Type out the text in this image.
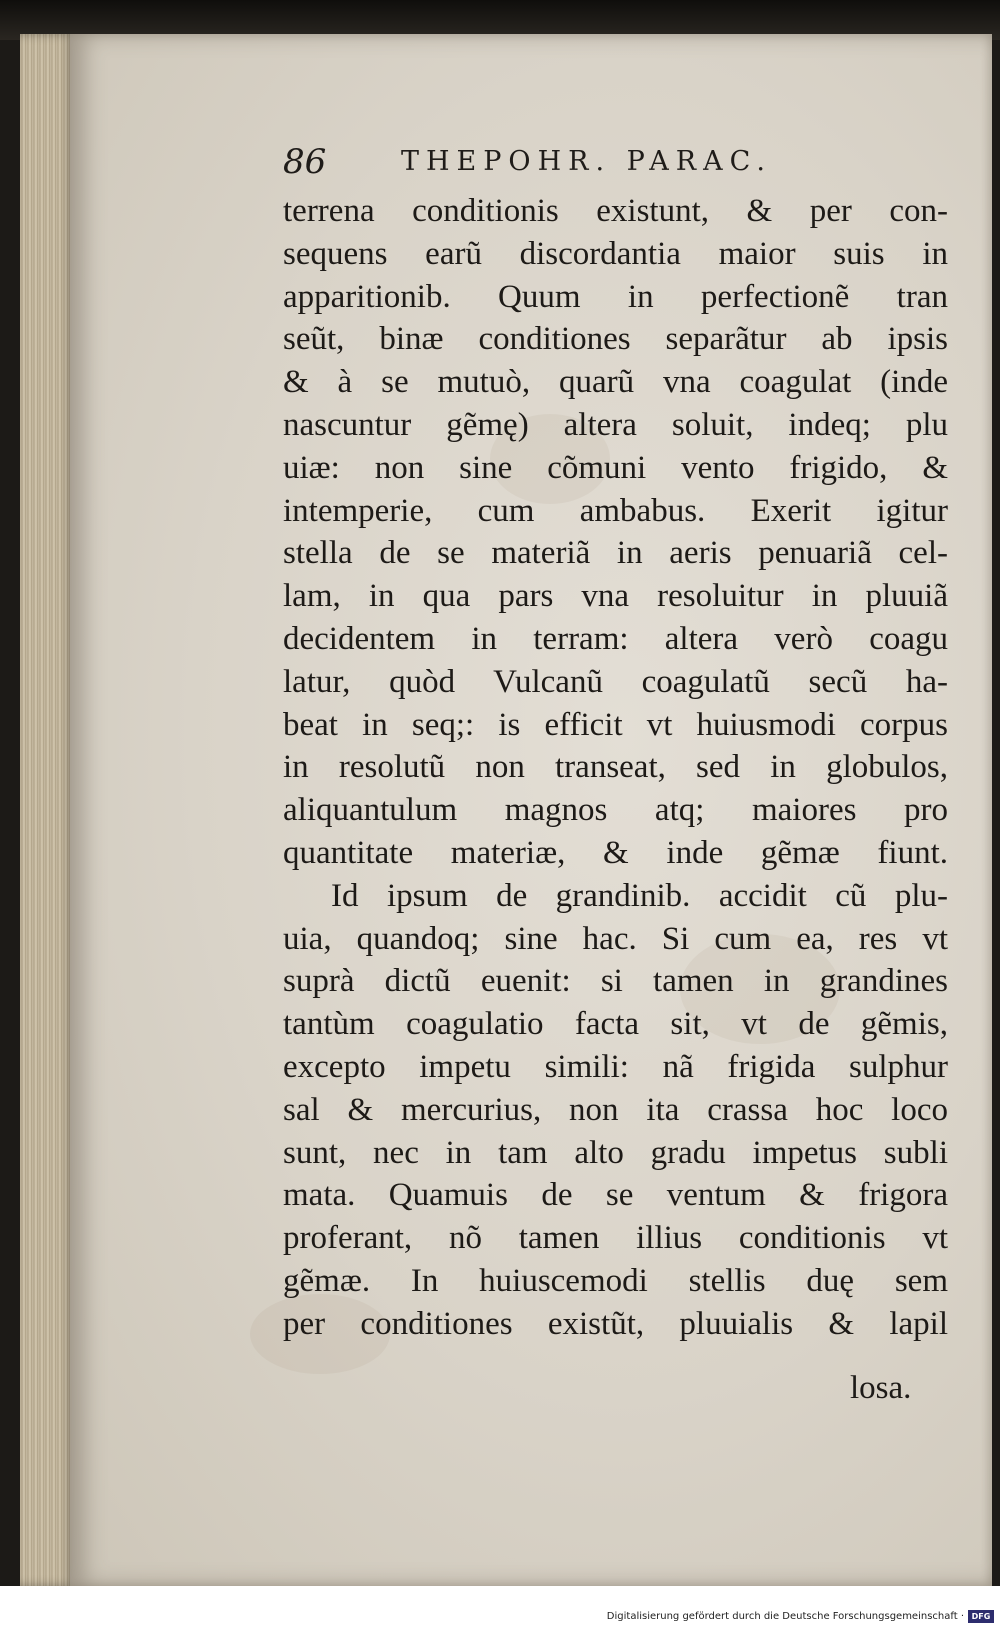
86	THEPOHR. PARAC.
terrena conditionis existunt, & per con-
sequens earũ discordantia maior suis in
apparitionib. Quum in perfectionẽ tran
seũt, binæ conditiones separãtur ab ipsis
& à se mutuò, quarũ vna coagulat (inde
nascuntur gẽmę) altera soluit, indeq; plu
uiæ: non sine cõmuni vento frigido, &
intemperie, cum ambabus. Exerit igitur
stella de se materiã in aeris penuariã cel-
lam, in qua pars vna resoluitur in pluuiã
decidentem in terram: altera verò coagu
latur, quòd Vulcanũ coagulatũ secũ ha-
beat in seq;: is efficit vt huiusmodi corpus
in resolutũ non transeat, sed in globulos,
aliquantulum magnos atq; maiores pro
quantitate materiæ, & inde gẽmæ fiunt.
Id ipsum de grandinib. accidit cũ plu-
uia, quandoq; sine hac. Si cum ea, res vt
suprà dictũ euenit: si tamen in grandines
tantùm coagulatio facta sit, vt de gẽmis,
excepto impetu simili: nã frigida sulphur
sal & mercurius, non ita crassa hoc loco
sunt, nec in tam alto gradu impetus subli
mata. Quamuis de se ventum & frigora
proferant, nõ tamen illius conditionis vt
gẽmæ. In huiuscemodi stellis duę sem
per conditiones existũt, pluuialis & lapil
losa.
Digitalisierung gefördert durch die Deutsche Forschungsgemeinschaft · DFG
